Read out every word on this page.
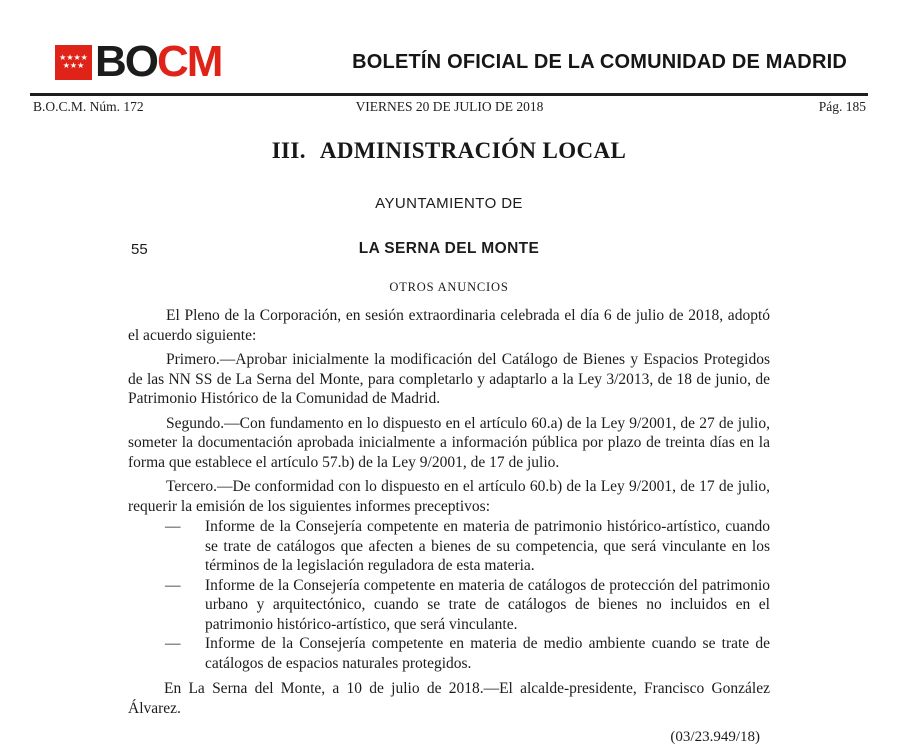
★★★★
★★★ BOCM	BOLETÍN OFICIAL DE LA COMUNIDAD DE MADRID
B.O.C.M. Núm. 172	VIERNES 20 DE JULIO DE 2018	Pág. 185
III. ADMINISTRACIÓN LOCAL
AYUNTAMIENTO DE
55	LA SERNA DEL MONTE
OTROS ANUNCIOS

El Pleno de la Corporación, en sesión extraordinaria celebrada el día 6 de julio de 2018, adoptó el acuerdo siguiente:

Primero.—Aprobar inicialmente la modificación del Catálogo de Bienes y Espacios Protegidos de las NN SS de La Serna del Monte, para completarlo y adaptarlo a la Ley 3/2013, de 18 de junio, de Patrimonio Histórico de la Comunidad de Madrid.

Segundo.—Con fundamento en lo dispuesto en el artículo 60.a) de la Ley 9/2001, de 27 de julio, someter la documentación aprobada inicialmente a información pública por plazo de treinta días en la forma que establece el artículo 57.b) de la Ley 9/2001, de 17 de julio.

Tercero.—De conformidad con lo dispuesto en el artículo 60.b) de la Ley 9/2001, de 17 de julio, requerir la emisión de los siguientes informes preceptivos:

— Informe de la Consejería competente en materia de patrimonio histórico-artístico, cuando se trate de catálogos que afecten a bienes de su competencia, que será vinculante en los términos de la legislación reguladora de esta materia.
— Informe de la Consejería competente en materia de catálogos de protección del patrimonio urbano y arquitectónico, cuando se trate de catálogos de bienes no incluidos en el patrimonio histórico-artístico, que será vinculante.
— Informe de la Consejería competente en materia de medio ambiente cuando se trate de catálogos de espacios naturales protegidos.

En La Serna del Monte, a 10 de julio de 2018.—El alcalde-presidente, Francisco González Álvarez.

(03/23.949/18)
